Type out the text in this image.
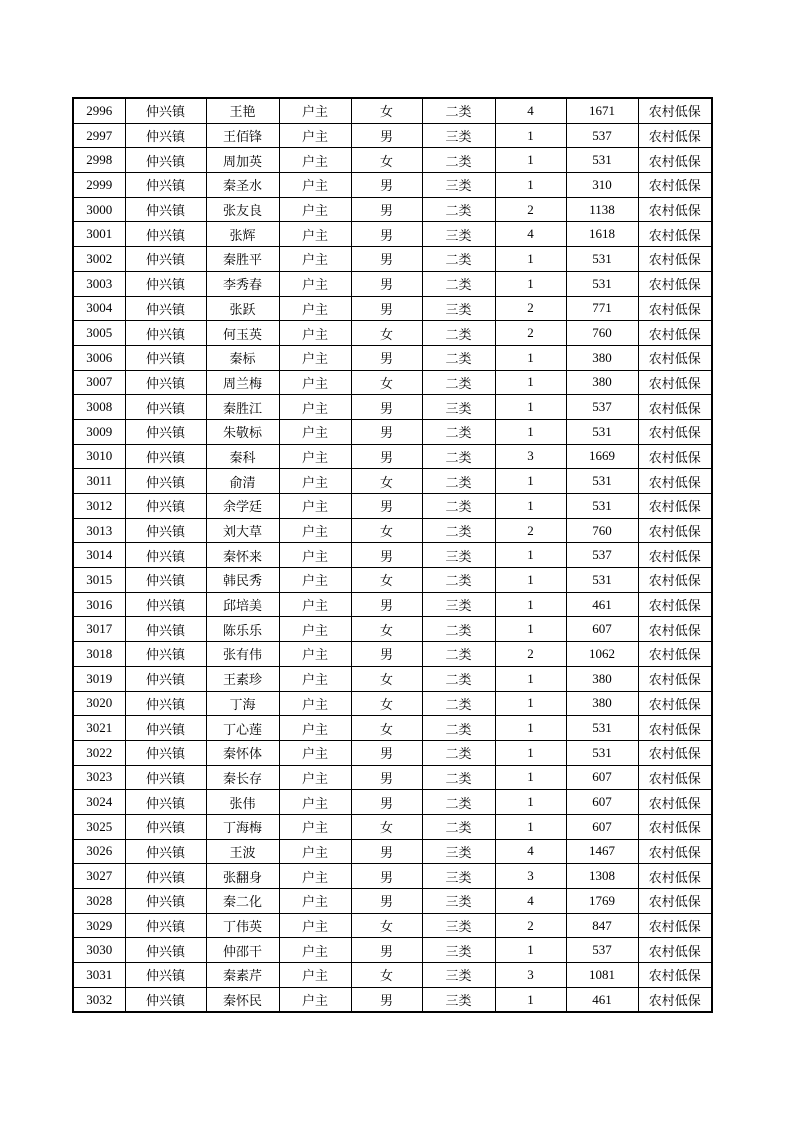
2996	仲兴镇	王艳	户主	女	二类	4	1671	农村低保
2997	仲兴镇	王佰锋	户主	男	三类	1	537	农村低保
2998	仲兴镇	周加英	户主	女	二类	1	531	农村低保
2999	仲兴镇	秦圣水	户主	男	三类	1	310	农村低保
3000	仲兴镇	张友良	户主	男	二类	2	1138	农村低保
3001	仲兴镇	张辉	户主	男	三类	4	1618	农村低保
3002	仲兴镇	秦胜平	户主	男	二类	1	531	农村低保
3003	仲兴镇	李秀春	户主	男	二类	1	531	农村低保
3004	仲兴镇	张跃	户主	男	三类	2	771	农村低保
3005	仲兴镇	何玉英	户主	女	二类	2	760	农村低保
3006	仲兴镇	秦标	户主	男	二类	1	380	农村低保
3007	仲兴镇	周兰梅	户主	女	二类	1	380	农村低保
3008	仲兴镇	秦胜江	户主	男	三类	1	537	农村低保
3009	仲兴镇	朱敬标	户主	男	二类	1	531	农村低保
3010	仲兴镇	秦科	户主	男	二类	3	1669	农村低保
3011	仲兴镇	俞清	户主	女	二类	1	531	农村低保
3012	仲兴镇	余学廷	户主	男	二类	1	531	农村低保
3013	仲兴镇	刘大草	户主	女	二类	2	760	农村低保
3014	仲兴镇	秦怀来	户主	男	三类	1	537	农村低保
3015	仲兴镇	韩民秀	户主	女	二类	1	531	农村低保
3016	仲兴镇	邱培美	户主	男	三类	1	461	农村低保
3017	仲兴镇	陈乐乐	户主	女	二类	1	607	农村低保
3018	仲兴镇	张有伟	户主	男	二类	2	1062	农村低保
3019	仲兴镇	王素珍	户主	女	二类	1	380	农村低保
3020	仲兴镇	丁海	户主	女	二类	1	380	农村低保
3021	仲兴镇	丁心莲	户主	女	二类	1	531	农村低保
3022	仲兴镇	秦怀体	户主	男	二类	1	531	农村低保
3023	仲兴镇	秦长存	户主	男	二类	1	607	农村低保
3024	仲兴镇	张伟	户主	男	二类	1	607	农村低保
3025	仲兴镇	丁海梅	户主	女	二类	1	607	农村低保
3026	仲兴镇	王波	户主	男	三类	4	1467	农村低保
3027	仲兴镇	张翻身	户主	男	三类	3	1308	农村低保
3028	仲兴镇	秦二化	户主	男	三类	4	1769	农村低保
3029	仲兴镇	丁伟英	户主	女	三类	2	847	农村低保
3030	仲兴镇	仲邵干	户主	男	三类	1	537	农村低保
3031	仲兴镇	秦素芹	户主	女	三类	3	1081	农村低保
3032	仲兴镇	秦怀民	户主	男	三类	1	461	农村低保
